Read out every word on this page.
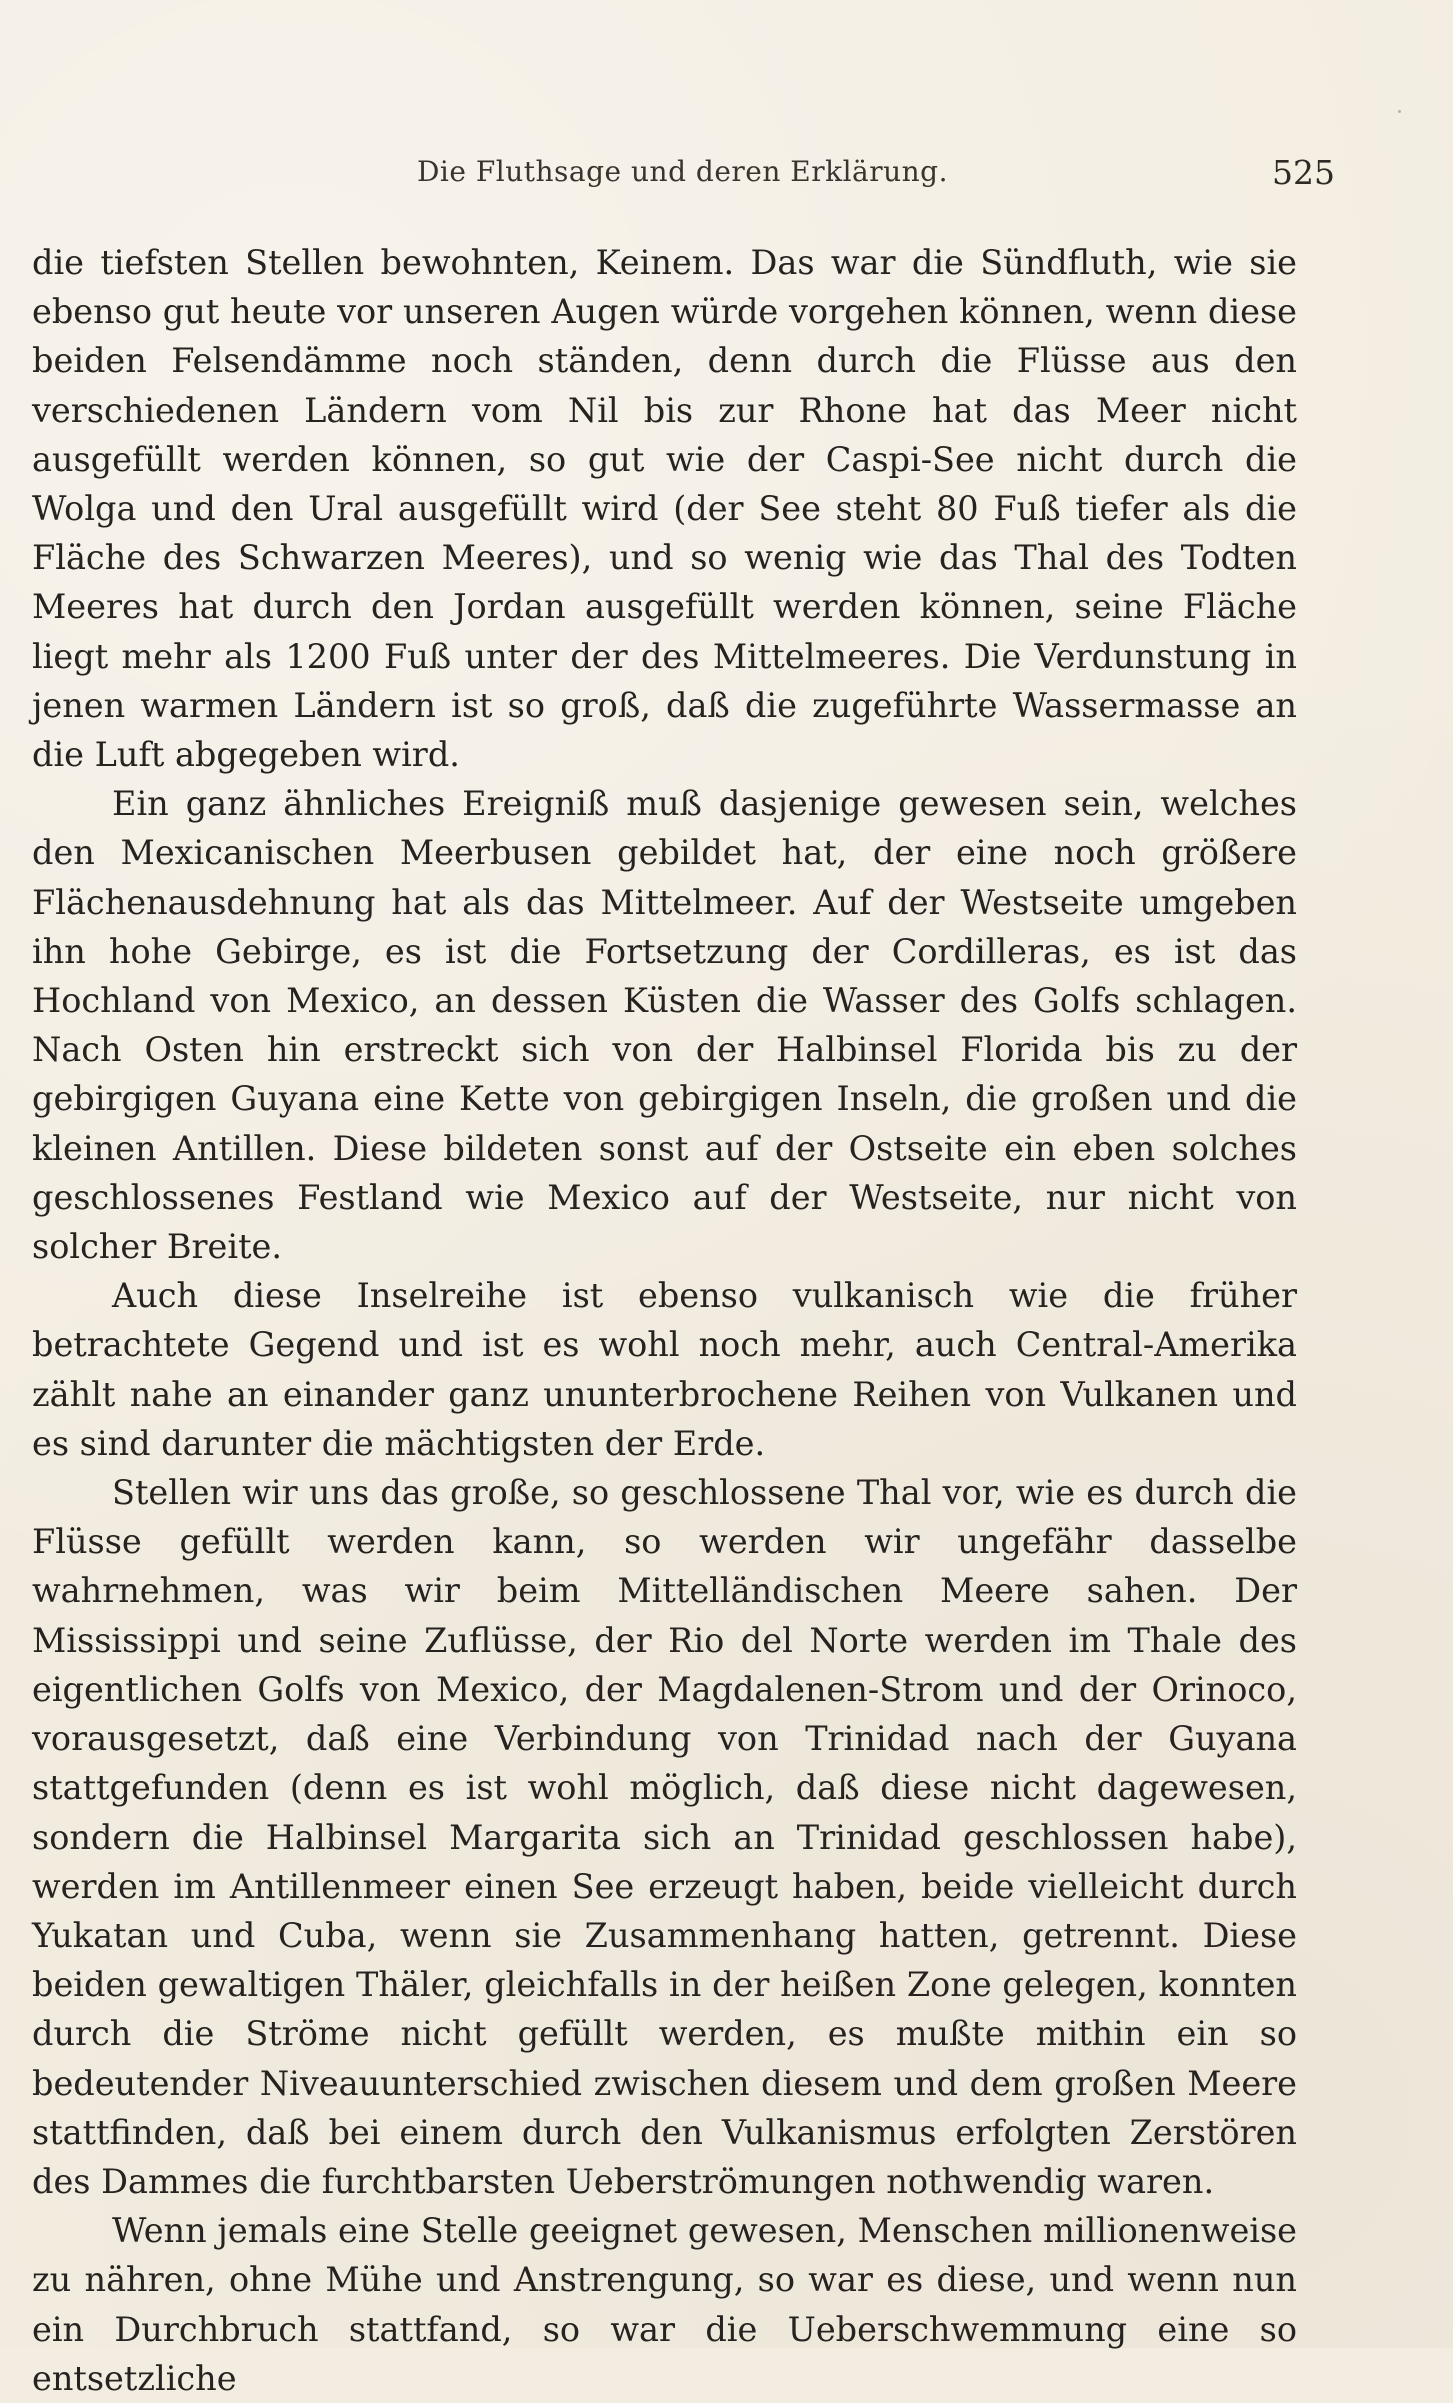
Die Fluthsage und deren Erklärung.	525

die tiefsten Stellen bewohnten, Keinem. Das war die Sündfluth, wie sie ebenso gut heute vor unseren Augen würde vorgehen können, wenn diese beiden Felsendämme noch ständen, denn durch die Flüsse aus den verschiedenen Ländern vom Nil bis zur Rhone hat das Meer nicht ausgefüllt werden können, so gut wie der Caspi-See nicht durch die Wolga und den Ural ausgefüllt wird (der See steht 80 Fuß tiefer als die Fläche des Schwarzen Meeres), und so wenig wie das Thal des Todten Meeres hat durch den Jordan ausgefüllt werden können, seine Fläche liegt mehr als 1200 Fuß unter der des Mittelmeeres. Die Verdunstung in jenen warmen Ländern ist so groß, daß die zugeführte Wassermasse an die Luft abgegeben wird.

Ein ganz ähnliches Ereigniß muß dasjenige gewesen sein, welches den Mexicanischen Meerbusen gebildet hat, der eine noch größere Flächenausdehnung hat als das Mittelmeer. Auf der Westseite umgeben ihn hohe Gebirge, es ist die Fortsetzung der Cordilleras, es ist das Hochland von Mexico, an dessen Küsten die Wasser des Golfs schlagen. Nach Osten hin erstreckt sich von der Halbinsel Florida bis zu der gebirgigen Guyana eine Kette von gebirgigen Inseln, die großen und die kleinen Antillen. Diese bildeten sonst auf der Ostseite ein eben solches geschlossenes Festland wie Mexico auf der Westseite, nur nicht von solcher Breite.

Auch diese Inselreihe ist ebenso vulkanisch wie die früher betrachtete Gegend und ist es wohl noch mehr, auch Central-Amerika zählt nahe an einander ganz ununterbrochene Reihen von Vulkanen und es sind darunter die mächtigsten der Erde.

Stellen wir uns das große, so geschlossene Thal vor, wie es durch die Flüsse gefüllt werden kann, so werden wir ungefähr dasselbe wahrnehmen, was wir beim Mittelländischen Meere sahen. Der Mississippi und seine Zuflüsse, der Rio del Norte werden im Thale des eigentlichen Golfs von Mexico, der Magdalenen-Strom und der Orinoco, vorausgesetzt, daß eine Verbindung von Trinidad nach der Guyana stattgefunden (denn es ist wohl möglich, daß diese nicht dagewesen, sondern die Halbinsel Margarita sich an Trinidad geschlossen habe), werden im Antillenmeer einen See erzeugt haben, beide vielleicht durch Yukatan und Cuba, wenn sie Zusammenhang hatten, getrennt. Diese beiden gewaltigen Thäler, gleichfalls in der heißen Zone gelegen, konnten durch die Ströme nicht gefüllt werden, es mußte mithin ein so bedeutender Niveauunterschied zwischen diesem und dem großen Meere stattfinden, daß bei einem durch den Vulkanismus erfolgten Zerstören des Dammes die furchtbarsten Ueberströmungen nothwendig waren.

Wenn jemals eine Stelle geeignet gewesen, Menschen millionenweise zu nähren, ohne Mühe und Anstrengung, so war es diese, und wenn nun ein Durchbruch stattfand, so war die Ueberschwemmung eine so entsetzliche
